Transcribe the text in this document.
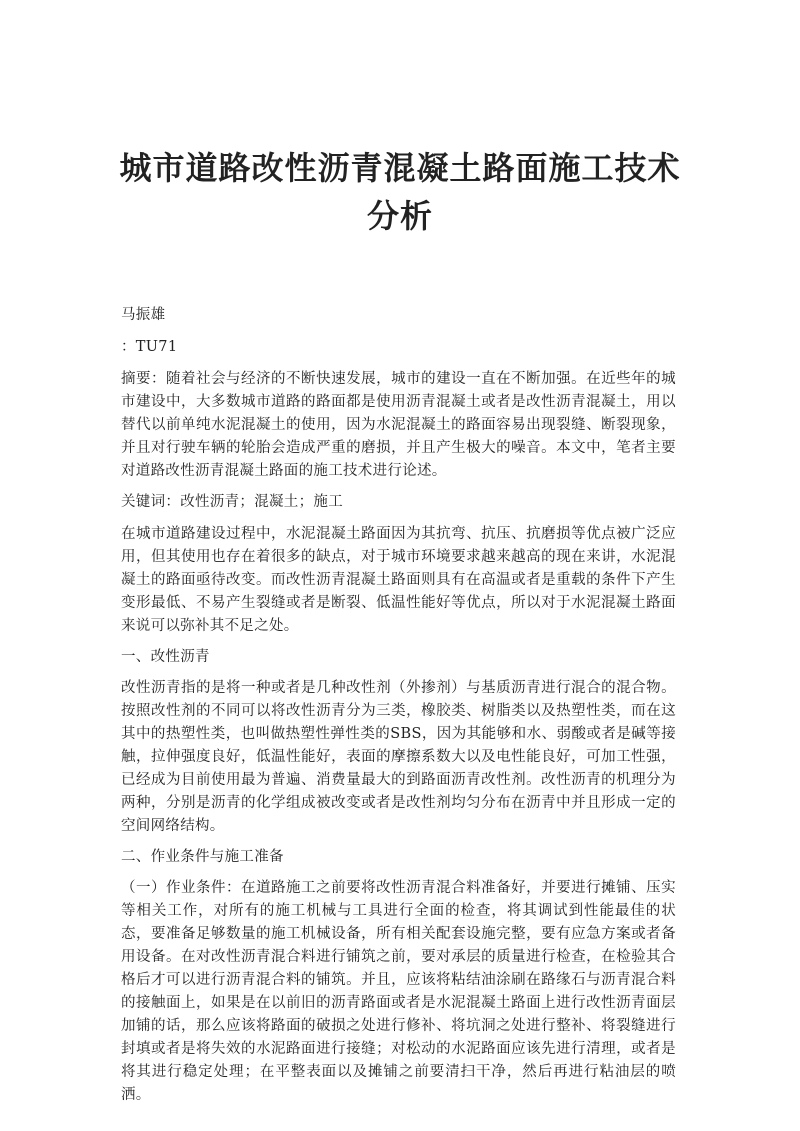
城市道路改性沥青混凝土路面施工技术分析

马振雄

：TU71

摘要：随着社会与经济的不断快速发展，城市的建设一直在不断加强。在近些年的城市建设中，大多数城市道路的路面都是使用沥青混凝土或者是改性沥青混凝土，用以替代以前单纯水泥混凝土的使用，因为水泥混凝土的路面容易出现裂缝、断裂现象，并且对行驶车辆的轮胎会造成严重的磨损，并且产生极大的噪音。本文中，笔者主要对道路改性沥青混凝土路面的施工技术进行论述。

关键词：改性沥青；混凝土；施工

在城市道路建设过程中，水泥混凝土路面因为其抗弯、抗压、抗磨损等优点被广泛应用，但其使用也存在着很多的缺点，对于城市环境要求越来越高的现在来讲，水泥混凝土的路面亟待改变。而改性沥青混凝土路面则具有在高温或者是重载的条件下产生变形最低、不易产生裂缝或者是断裂、低温性能好等优点，所以对于水泥混凝土路面来说可以弥补其不足之处。

一、改性沥青

改性沥青指的是将一种或者是几种改性剂（外掺剂）与基质沥青进行混合的混合物。按照改性剂的不同可以将改性沥青分为三类，橡胶类、树脂类以及热塑性类，而在这其中的热塑性类，也叫做热塑性弹性类的SBS，因为其能够和水、弱酸或者是碱等接触，拉伸强度良好，低温性能好，表面的摩擦系数大以及电性能良好，可加工性强，已经成为目前使用最为普遍、消费量最大的到路面沥青改性剂。改性沥青的机理分为两种，分别是沥青的化学组成被改变或者是改性剂均匀分布在沥青中并且形成一定的空间网络结构。

二、作业条件与施工准备

（一）作业条件：在道路施工之前要将改性沥青混合料准备好，并要进行摊铺、压实等相关工作，对所有的施工机械与工具进行全面的检查，将其调试到性能最佳的状态，要准备足够数量的施工机械设备，所有相关配套设施完整，要有应急方案或者备用设备。在对改性沥青混合料进行铺筑之前，要对承层的质量进行检查，在检验其合格后才可以进行沥青混合料的铺筑。并且，应该将粘结油涂刷在路缘石与沥青混合料的接触面上，如果是在以前旧的沥青路面或者是水泥混凝土路面上进行改性沥青面层加铺的话，那么应该将路面的破损之处进行修补、将坑洞之处进行整补、将裂缝进行封填或者是将失效的水泥路面进行接缝；对松动的水泥路面应该先进行清理，或者是将其进行稳定处理；在平整表面以及摊铺之前要清扫干净，然后再进行粘油层的喷洒。
